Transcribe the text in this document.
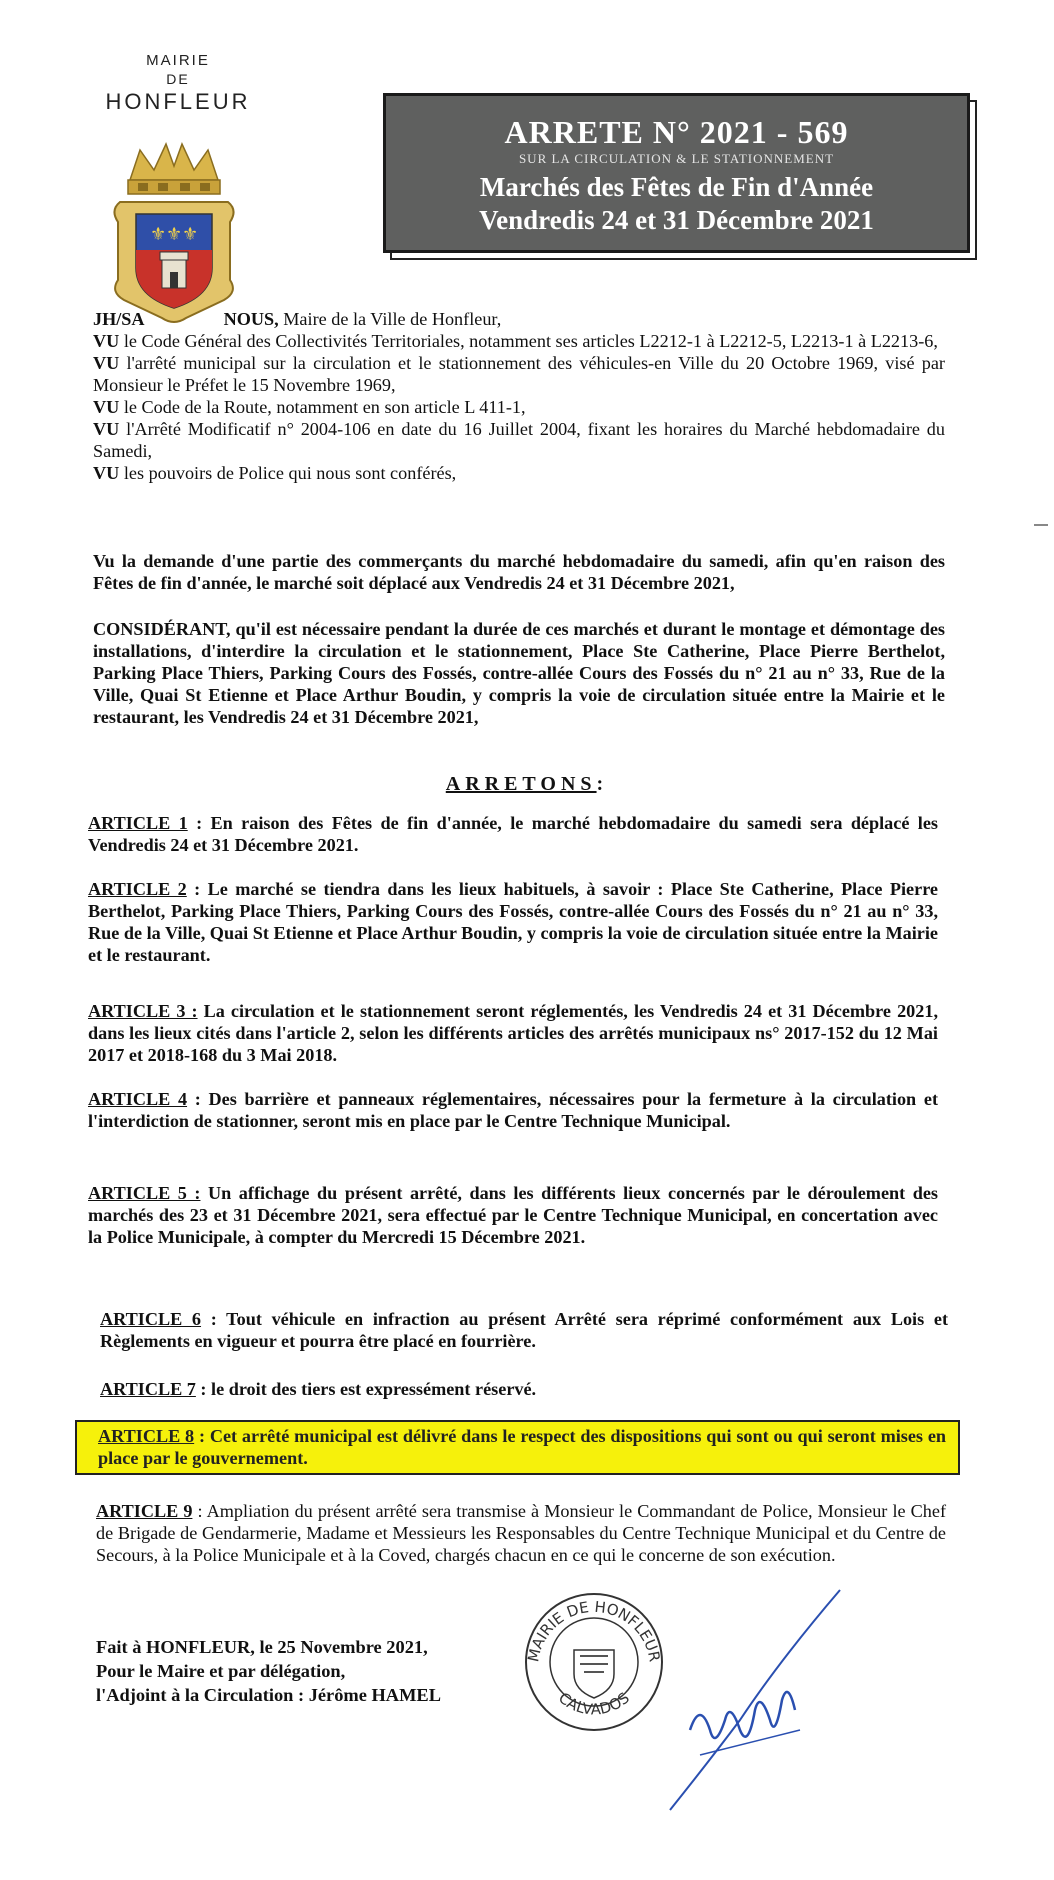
MAIRIE
DE
HONFLEUR
⚜ ⚜ ⚜
ARRETE N° 2021 - 569
SUR LA CIRCULATION & LE STATIONNEMENT
Marchés des Fêtes de Fin d'Année
Vendredis 24 et 31 Décembre 2021

JH/SA	NOUS, Maire de la Ville de Honfleur,

VU le Code Général des Collectivités Territoriales, notamment ses articles L2212-1 à L2212-5, L2213-1 à L2213-6,

VU l'arrêté municipal sur la circulation et le stationnement des véhicules-en Ville du 20 Octobre 1969, visé par Monsieur le Préfet le 15 Novembre 1969,

VU le Code de la Route, notamment en son article L 411-1,

VU l'Arrêté Modificatif n° 2004-106 en date du 16 Juillet 2004, fixant les horaires du Marché hebdomadaire du Samedi,

VU les pouvoirs de Police qui nous sont conférés,

Vu la demande d'une partie des commerçants du marché hebdomadaire du samedi, afin qu'en raison des Fêtes de fin d'année, le marché soit déplacé aux Vendredis 24 et 31 Décembre 2021,

CONSIDÉRANT, qu'il est nécessaire pendant la durée de ces marchés et durant le montage et démontage des installations, d'interdire la circulation et le stationnement, Place Ste Catherine, Place Pierre Berthelot, Parking Place Thiers, Parking Cours des Fossés, contre-allée Cours des Fossés du n° 21 au n° 33, Rue de la Ville, Quai St Etienne et Place Arthur Boudin, y compris la voie de circulation située entre la Mairie et le restaurant, les Vendredis 24 et 31 Décembre 2021,

ARRETONS:
ARTICLE 1 : En raison des Fêtes de fin d'année, le marché hebdomadaire du samedi sera déplacé les Vendredis 24 et 31 Décembre 2021.
ARTICLE 2 : Le marché se tiendra dans les lieux habituels, à savoir : Place Ste Catherine, Place Pierre Berthelot, Parking Place Thiers, Parking Cours des Fossés, contre-allée Cours des Fossés du n° 21 au n° 33, Rue de la Ville, Quai St Etienne et Place Arthur Boudin, y compris la voie de circulation située entre la Mairie et le restaurant.
ARTICLE 3 : La circulation et le stationnement seront réglementés, les Vendredis 24 et 31 Décembre 2021, dans les lieux cités dans l'article 2, selon les différents articles des arrêtés municipaux ns° 2017-152 du 12 Mai 2017 et 2018-168 du 3 Mai 2018.
ARTICLE 4 : Des barrière et panneaux réglementaires, nécessaires pour la fermeture à la circulation et l'interdiction de stationner, seront mis en place par le Centre Technique Municipal.
ARTICLE 5 : Un affichage du présent arrêté, dans les différents lieux concernés par le déroulement des marchés des 23 et 31 Décembre 2021, sera effectué par le Centre Technique Municipal, en concertation avec la Police Municipale, à compter du Mercredi 15 Décembre 2021.
ARTICLE 6 : Tout véhicule en infraction au présent Arrêté sera réprimé conformément aux Lois et Règlements en vigueur et pourra être placé en fourrière.
ARTICLE 7 : le droit des tiers est expressément réservé.
ARTICLE 8 : Cet arrêté municipal est délivré dans le respect des dispositions qui sont ou qui seront mises en place par le gouvernement.
ARTICLE 9 : Ampliation du présent arrêté sera transmise à Monsieur le Commandant de Police, Monsieur le Chef de Brigade de Gendarmerie, Madame et Messieurs les Responsables du Centre Technique Municipal et du Centre de Secours, à la Police Municipale et à la Coved, chargés chacun en ce qui le concerne de son exécution.
Fait à HONFLEUR, le 25 Novembre 2021,
Pour le Maire et par délégation,
l'Adjoint à la Circulation : Jérôme HAMEL
MAIRIE DE HONFLEUR
CALVADOS
